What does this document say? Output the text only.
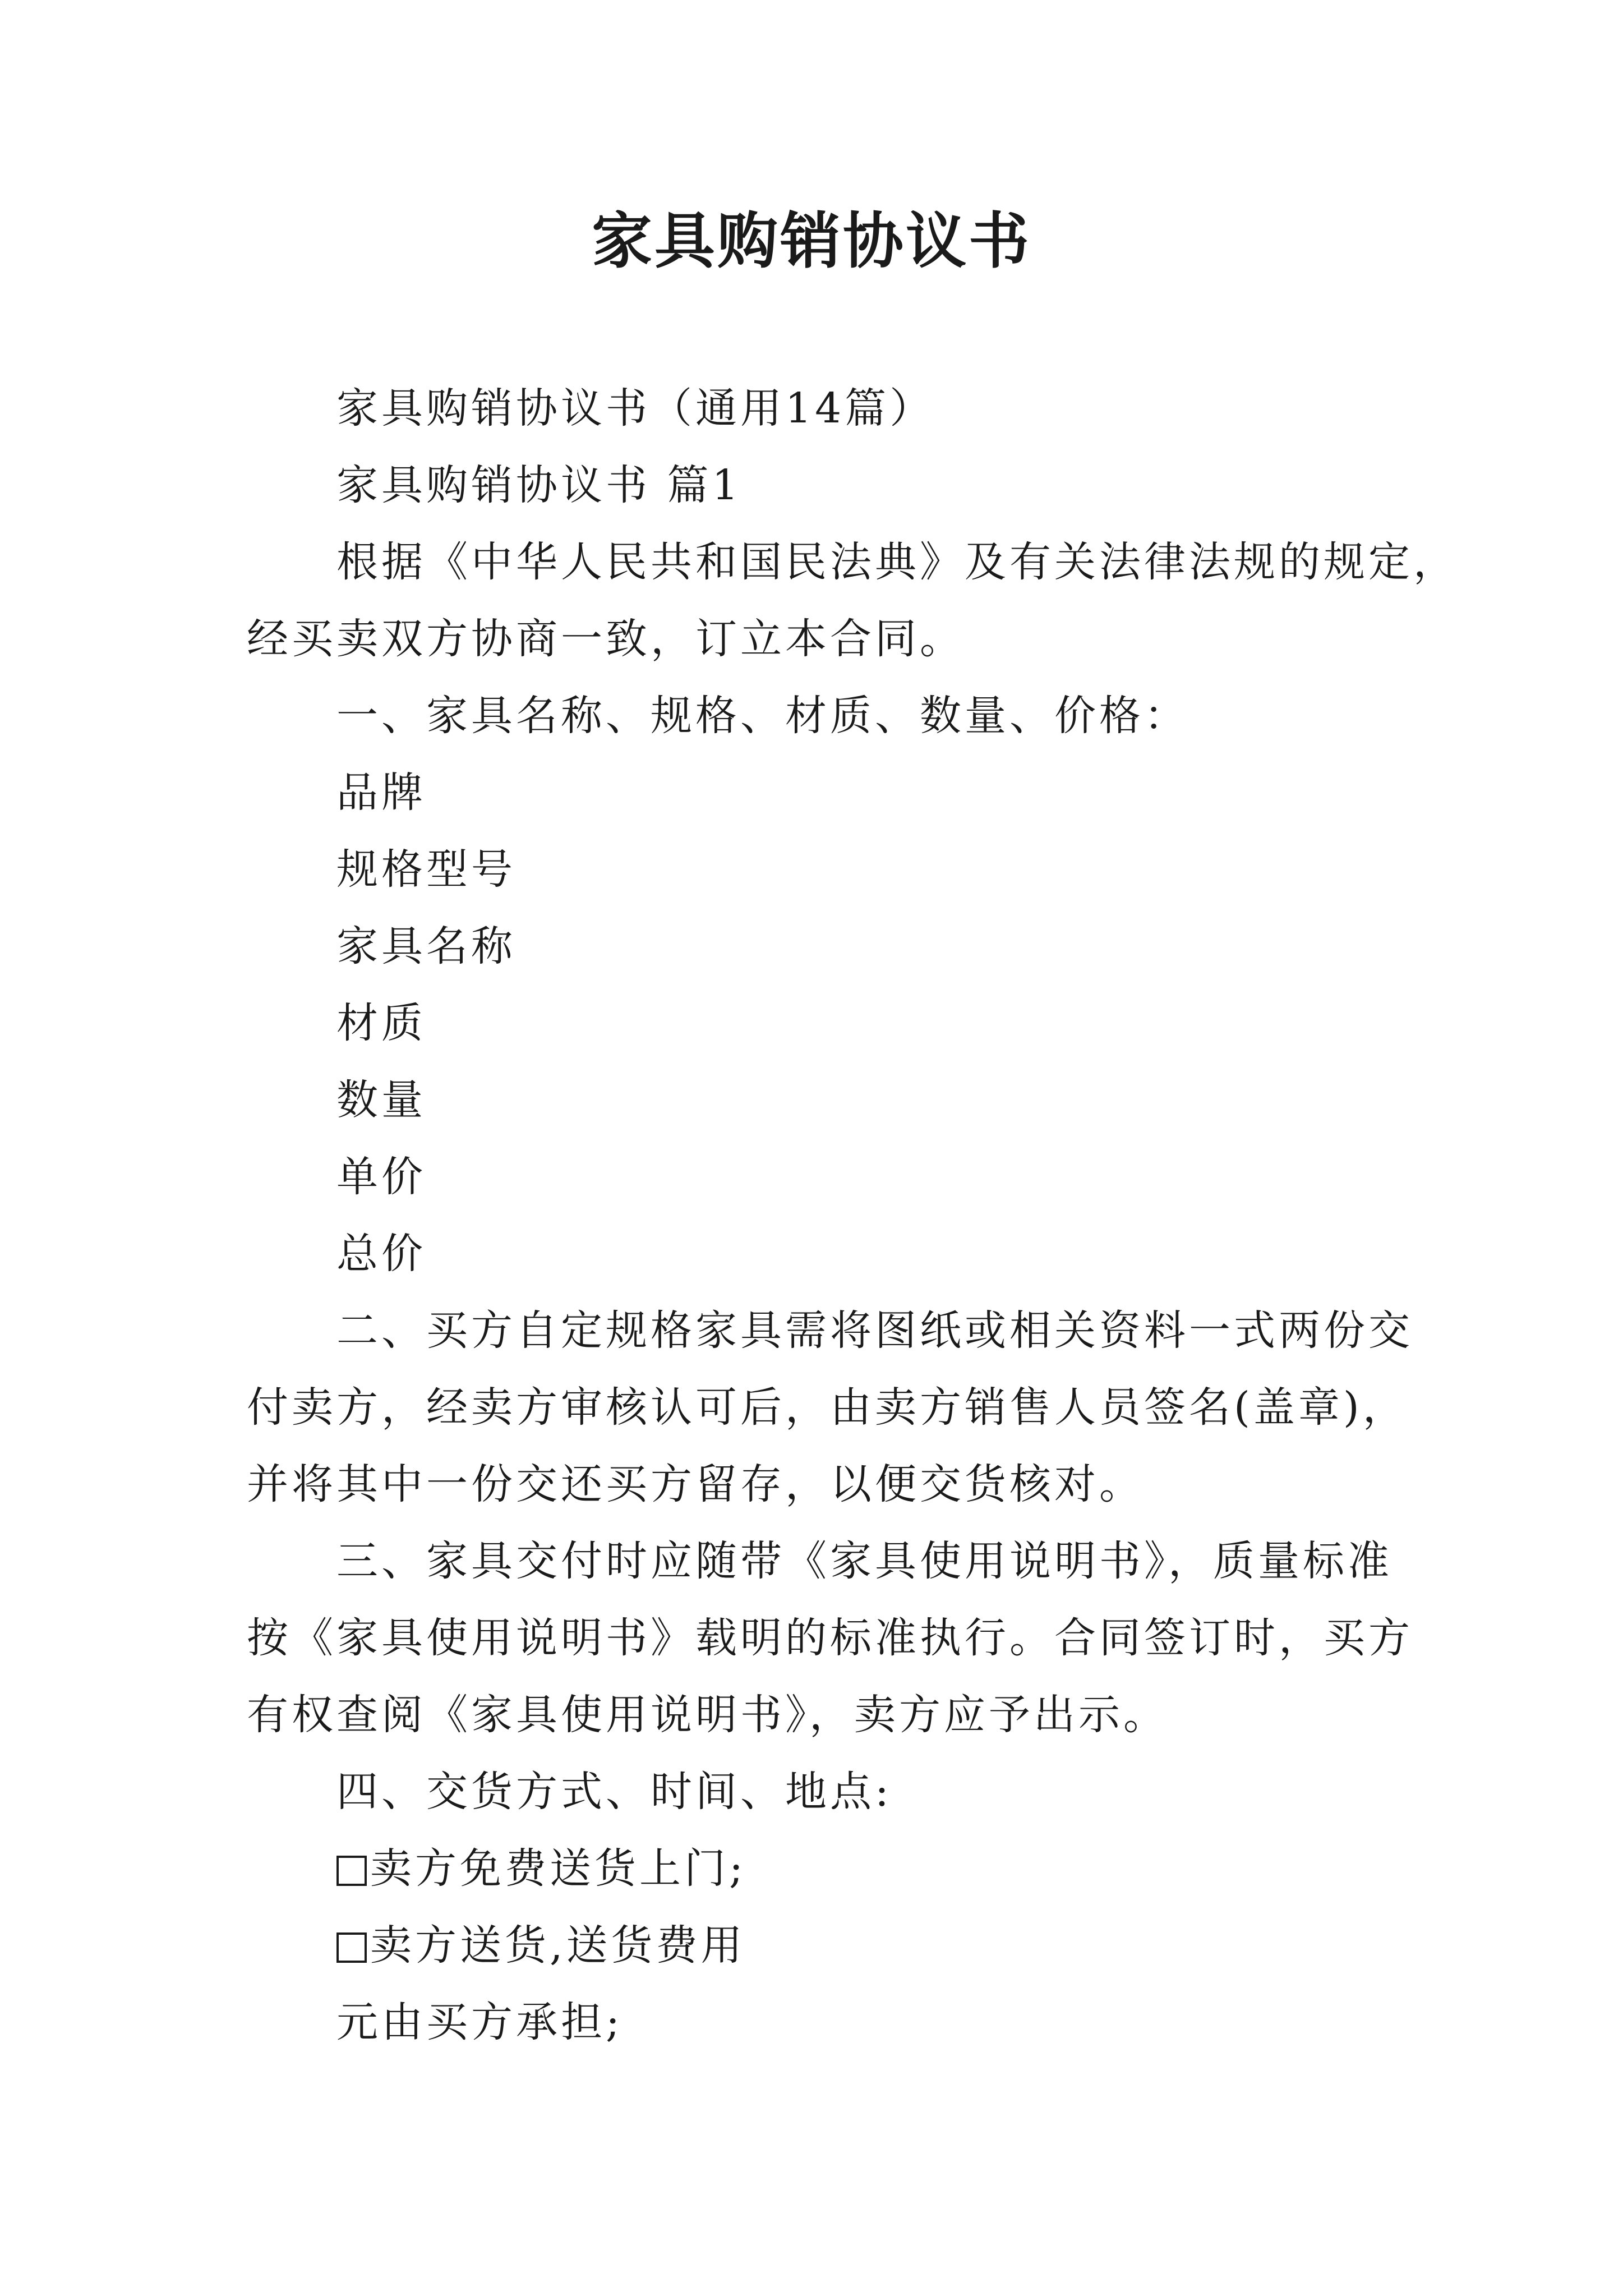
家具购销协议书
家具购销协议书（通用14篇）
家具购销协议书 篇1
根据《中华人民共和国民法典》及有关法律法规的规定，
经买卖双方协商一致，订立本合同。
一、家具名称、规格、材质、数量、价格：
品牌
规格型号
家具名称
材质
数量
单价
总价
二、买方自定规格家具需将图纸或相关资料一式两份交
付卖方，经卖方审核认可后，由卖方销售人员签名(盖章)，
并将其中一份交还买方留存，以便交货核对。
三、家具交付时应随带《家具使用说明书》，质量标准
按《家具使用说明书》载明的标准执行。合同签订时，买方
有权查阅《家具使用说明书》，卖方应予出示。
四、交货方式、时间、地点:
卖方免费送货上门;
卖方送货,送货费用
元由买方承担;
